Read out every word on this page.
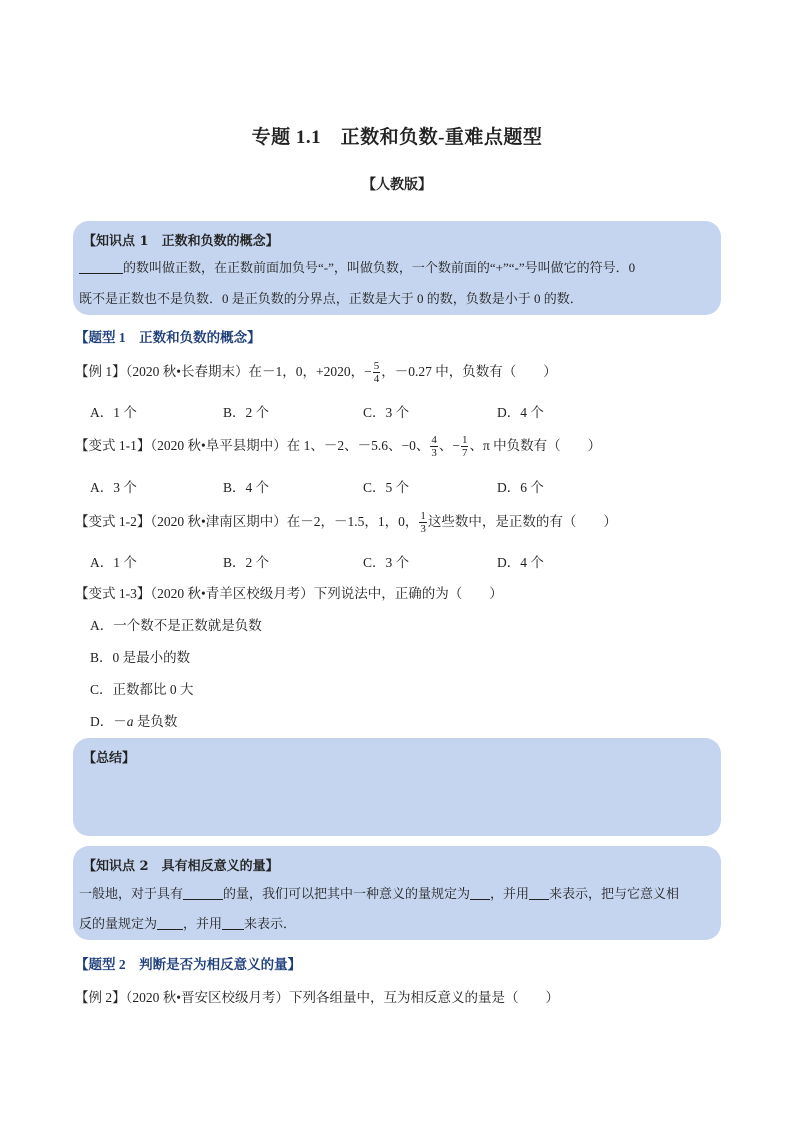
专题 1.1　正数和负数-重难点题型
【人教版】
【知识点 1　正数和负数的概念】
的数叫做正数，在正数前面加负号“-”，叫做负数，一个数前面的“+”“-”号叫做它的符号．0
既不是正数也不是负数．0 是正负数的分界点，正数是大于 0 的数，负数是小于 0 的数．
【题型 1　正数和负数的概念】
【例 1】（2020 秋•长春期末）在－1，0，+2020，− $\frac{5}{4}$ ，－0.27 中，负数有（　　）
A．1 个	B．2 个	C．3 个	D．4 个
【变式 1-1】（2020 秋•阜平县期中）在 1、－2、－5.6、−0、 $\frac{4}{3}$ 、− $\frac{1}{7}$ 、π 中负数有（　　）
A．3 个	B．4 个	C．5 个	D．6 个
【变式 1-2】（2020 秋•津南区期中）在－2，－1.5，1，0， $\frac{1}{3}$ 这些数中，是正数的有（　　）
A．1 个	B．2 个	C．3 个	D．4 个
【变式 1-3】（2020 秋•青羊区校级月考）下列说法中，正确的为（　　）
A．一个数不是正数就是负数
B．0 是最小的数
C．正数都比 0 大
D．－a 是负数
【总结】
【知识点 2　具有相反意义的量】
一般地，对于具有	的量，我们可以把其中一种意义的量规定为 ，并用 来表示，把与它意义相
反的量规定为 ，并用 来表示．
【题型 2　判断是否为相反意义的量】
【例 2】（2020 秋•晋安区校级月考）下列各组量中，互为相反意义的量是（　　）
